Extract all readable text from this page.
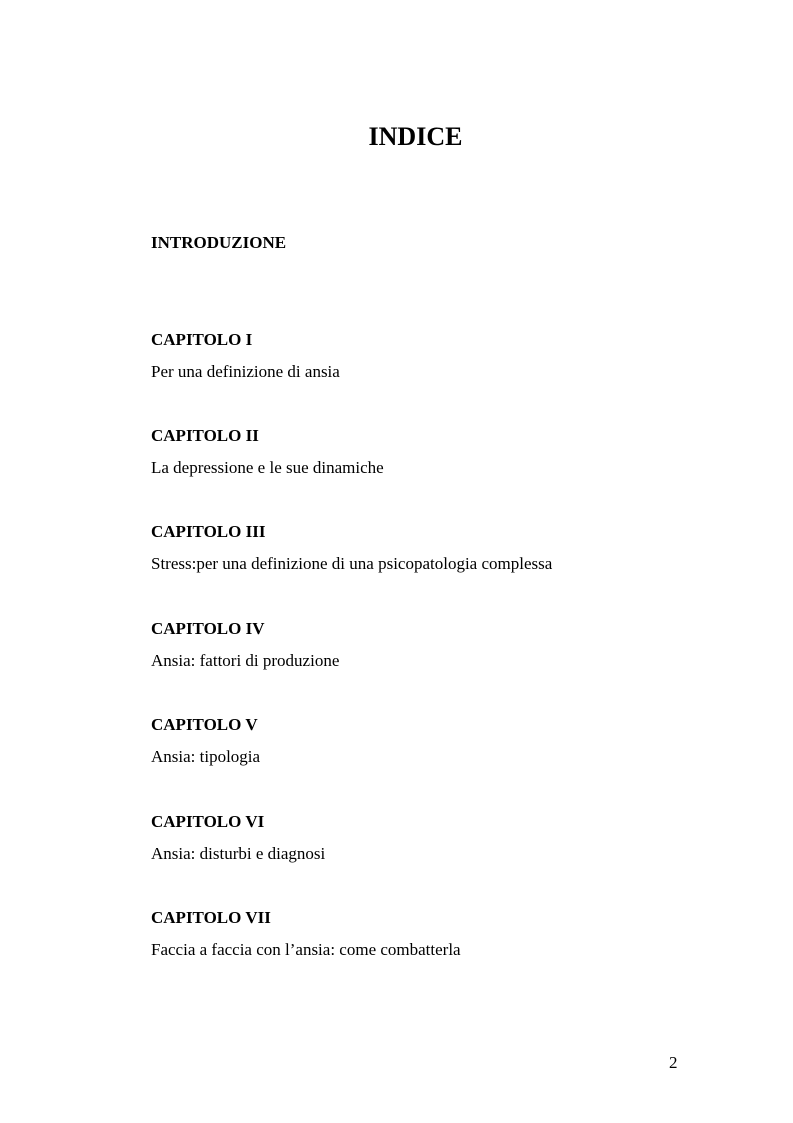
INDICE
INTRODUZIONE
CAPITOLO I
Per una definizione di ansia
CAPITOLO II
La depressione e le sue dinamiche
CAPITOLO III
Stress:per una definizione di una psicopatologia complessa
CAPITOLO IV
Ansia: fattori di produzione
CAPITOLO V
Ansia: tipologia
CAPITOLO VI
Ansia: disturbi e diagnosi
CAPITOLO VII
Faccia a faccia con l’ansia: come combatterla
2
